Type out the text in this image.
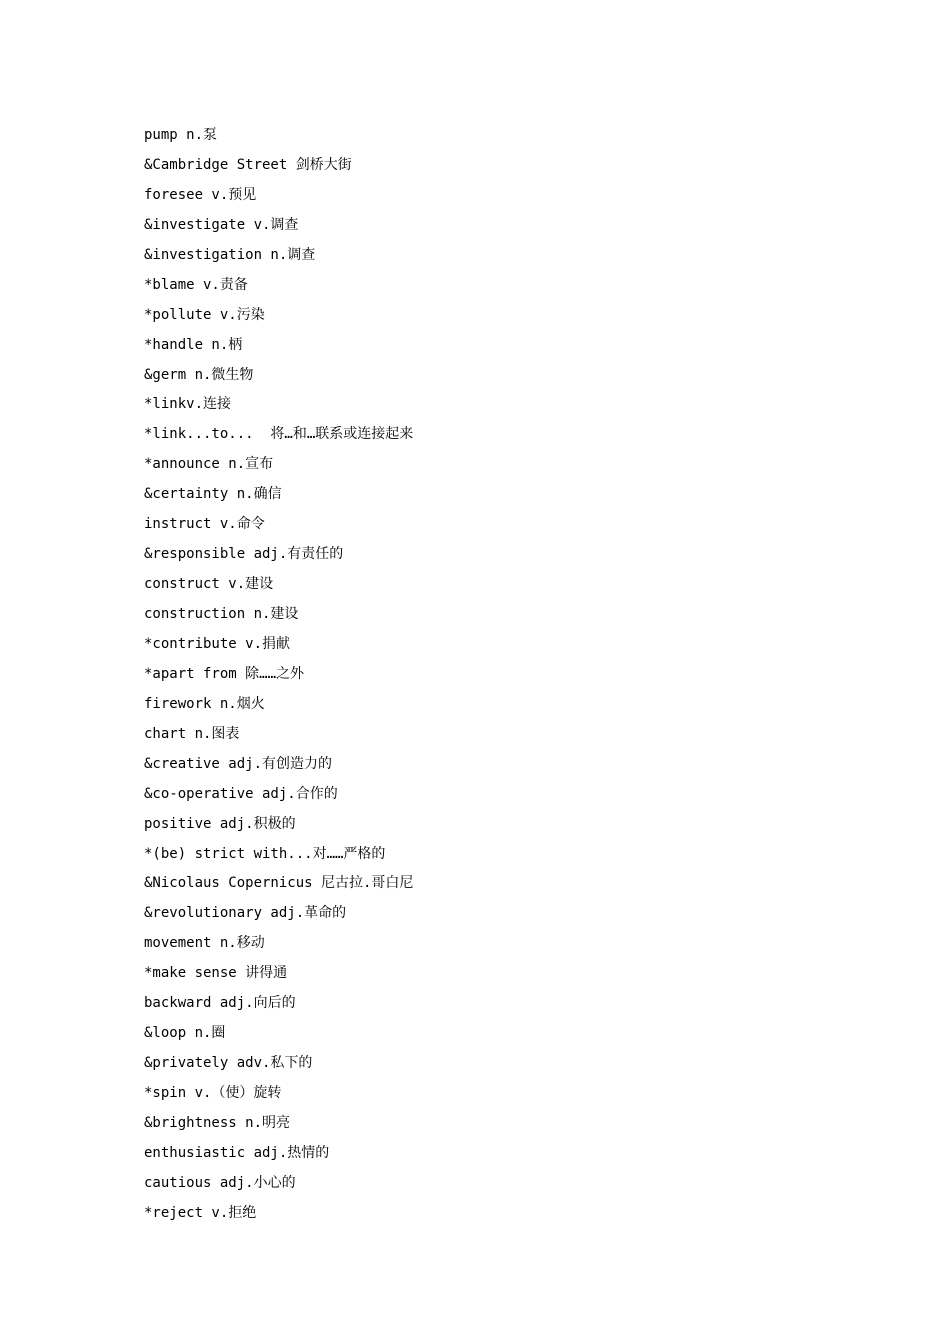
pump n.泵
&Cambridge Street 剑桥大街
foresee v.预见
&investigate v.调查
&investigation n.调查
*blame v.责备
*pollute v.污染
*handle n.柄
&germ n.微生物
*linkv.连接
*link...to...  将…和…联系或连接起来
*announce n.宣布
&certainty n.确信
instruct v.命令
&responsible adj.有责任的
construct v.建设
construction n.建设
*contribute v.捐献
*apart from 除……之外
firework n.烟火
chart n.图表
&creative adj.有创造力的
&co-operative adj.合作的
positive adj.积极的
*(be) strict with...对……严格的
&Nicolaus Copernicus 尼古拉.哥白尼
&revolutionary adj.革命的
movement n.移动
*make sense 讲得通
backward adj.向后的
&loop n.圈
&privately adv.私下的
*spin v.（使）旋转
&brightness n.明亮
enthusiastic adj.热情的
cautious adj.小心的
*reject v.拒绝
